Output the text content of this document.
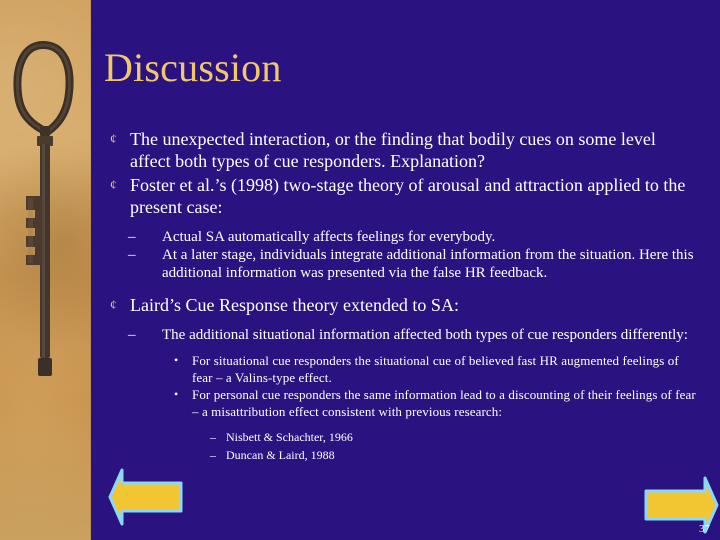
Discussion
¢ The unexpected interaction, or the finding that bodily cues on some level affect both types of cue responders. Explanation?
¢ Foster et al.’s (1998) two-stage theory of arousal and attraction applied to the present case:
– Actual SA automatically affects feelings for everybody.
– At a later stage, individuals integrate additional information from the situation. Here this additional information was presented via the false HR feedback.
¢ Laird’s Cue Response theory extended to SA:
– The additional situational information affected both types of cue responders differently:
• For situational cue responders the situational cue of believed fast HR augmented feelings of fear – a Valins-type effect.
• For personal cue responders the same information lead to a discounting of their feelings of fear – a misattribution effect consistent with previous research:
– Nisbett & Schachter, 1966
– Duncan & Laird, 1988
37
